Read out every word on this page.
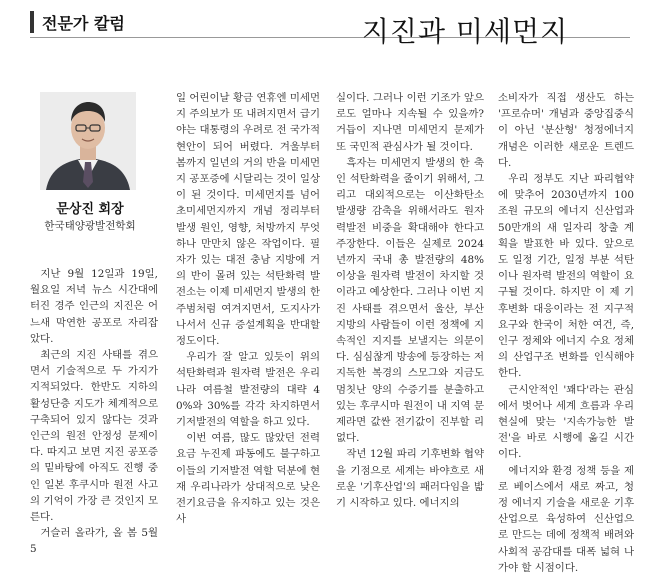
전문가 칼럼	지진과 미세먼지
문상진 회장
한국태양광발전학회

지난 9월 12일과 19일, 월요일 저녁 뉴스 시간대에 터진 경주 인근의 지진은 어느새 막연한 공포로 자리잡았다.

최근의 지진 사태를 겪으면서 기술적으로 두 가지가 지적되었다. 한반도 지하의 활성단층 지도가 체계적으로 구축되어 있지 않다는 것과 인근의 원전 안정성 문제이다. 따지고 보면 지진 공포증의 밑바탕에 아직도 진행 중인 일본 후쿠시마 원전 사고의 기억이 가장 큰 것인지 모른다.

거슬러 올라가, 올 봄 5월 5

일 어린이날 황금 연휴엔 미세먼지 주의보가 또 내려지면서 급기야는 대통령의 우려로 전 국가적 현안이 되어 버렸다. 겨울부터 봄까지 일년의 거의 반을 미세먼지 공포증에 시달리는 것이 일상이 된 것이다. 미세먼지를 넘어 초미세먼지까지 개념 정리부터 발생 원인, 영향, 처방까지 무엇 하나 만만치 않은 작업이다. 필자가 있는 대전 충남 지방에 거의 반이 몰려 있는 석탄화력 발전소는 이제 미세먼지 발생의 한 주범처럼 여겨지면서, 도지사가 나서서 신규 증설계획을 반대할 정도이다.

우리가 잘 알고 있듯이 위의 석탄화력과 원자력 발전은 우리나라 여름철 발전량의 대략 40%와 30%를 각각 차지하면서 기저발전의 역할을 하고 있다.

이번 여름, 많도 많았던 전력 요금 누진제 파동에도 불구하고 이들의 기저발전 역할 덕분에 현재 우리나라가 상대적으로 낮은 전기요금을 유지하고 있는 것은 사

실이다. 그러나 이런 기조가 앞으로도 얼마나 지속될 수 있을까? 거듭이 지나면 미세먼지 문제가 또 국민적 관심사가 될 것이다.

흑자는 미세먼지 발생의 한 축인 석탄화력을 줄이기 위해서, 그리고 대외적으로는 이산화탄소 발생량 감축을 위해서라도 원자력발전 비중을 확대해야 한다고 주장한다. 이들은 실제로 2024년까지 국내 총 발전량의 48% 이상을 원자력 발전이 차지할 것이라고 예상한다. 그러나 이번 지진 사태를 겪으면서 울산, 부산 지방의 사람들이 이런 정책에 지속적인 지지를 보낼지는 의문이다. 심심찮게 방송에 등장하는 저 지독한 복경의 스모그와 지금도 멈칫난 양의 수증기를 분출하고 있는 후쿠시마 원전이 내 지역 문제라면 값싼 전기값이 진부할 리 없다.

작년 12월 파리 기후변화 협약을 기점으로 세계는 바야흐로 새로운 '기후산업'의 패러다임을 밟기 시작하고 있다. 에너지의

소비자가 직접 생산도 하는 '프로슈머' 개념과 중앙집중식이 아닌 '분산형' 청정에너지 개념은 이러한 새로운 트렌드다.

우리 정부도 지난 파리협약에 맞추어 2030년까지 100조원 규모의 에너지 신산업과 50만개의 새 일자리 창출 계획을 발표한 바 있다. 앞으로도 일정 기간, 일정 부분 석탄이나 원자력 발전의 역할이 요구될 것이다. 하지만 이 제 기후변화 대응이라는 전 지구적 요구와 한국이 처한 여건, 즉, 인구 정체와 에너지 수요 정체의 산업구조 변화를 인식해야 한다.

근시안적인 '꽤다'라는 관심에서 벗어나 세계 흐름과 우리 현실에 맞는 '지속가능한 발전'을 바로 시행에 옮길 시간이다.

에너지와 환경 정책 등을 제로 베이스에서 새로 짜고, 청정 에너지 기술을 새로운 기후산업으로 육성하여 신산업으로 만드는 데에 정책적 배려와 사회적 공감대를 대폭 넓혀 나가야 할 시점이다.
